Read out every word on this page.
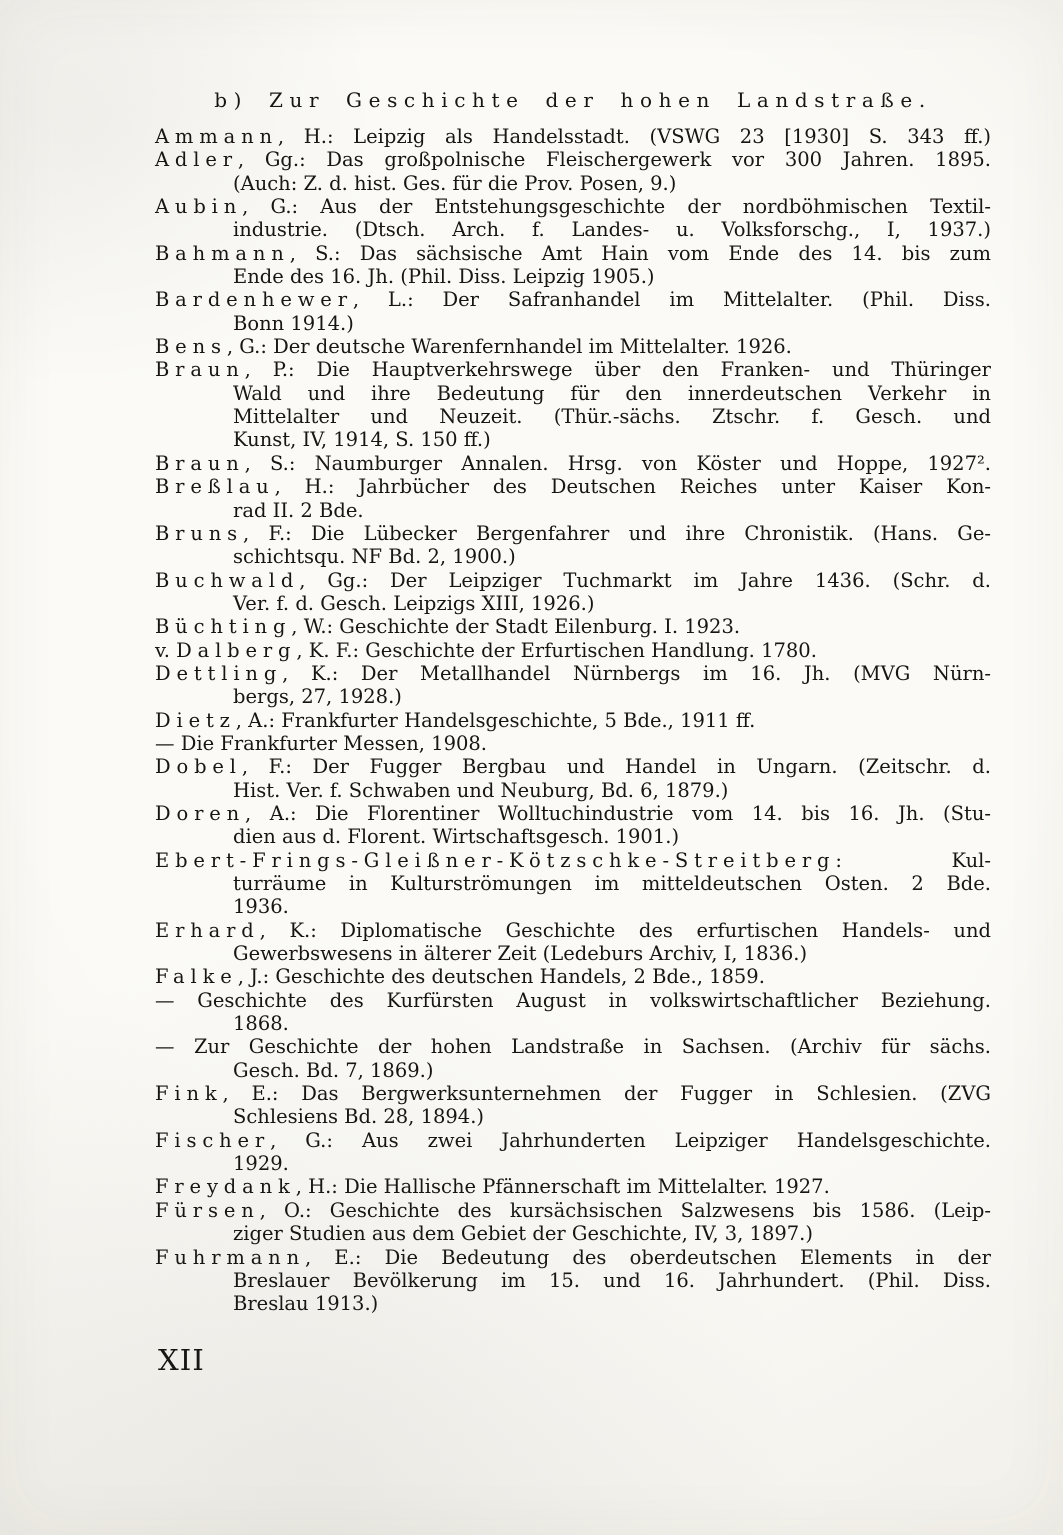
b) Zur Geschichte der hohen Landstraße.
Ammann, H.: Leipzig als Handelsstadt. (VSWG 23 [1930] S. 343 ff.)
Adler, Gg.: Das großpolnische Fleischergewerk vor 300 Jahren. 1895.
(Auch: Z. d. hist. Ges. für die Prov. Posen, 9.)
Aubin, G.: Aus der Entstehungsgeschichte der nordböhmischen Textil-
industrie. (Dtsch. Arch. f. Landes- u. Volksforschg., I, 1937.)
Bahmann, S.: Das sächsische Amt Hain vom Ende des 14. bis zum
Ende des 16. Jh. (Phil. Diss. Leipzig 1905.)
Bardenhewer, L.: Der Safranhandel im Mittelalter. (Phil. Diss.
Bonn 1914.)
Bens, G.: Der deutsche Warenfernhandel im Mittelalter. 1926.
Braun, P.: Die Hauptverkehrswege über den Franken- und Thüringer
Wald und ihre Bedeutung für den innerdeutschen Verkehr in
Mittelalter und Neuzeit. (Thür.-sächs. Ztschr. f. Gesch. und
Kunst, IV, 1914, S. 150 ff.)
Braun, S.: Naumburger Annalen. Hrsg. von Köster und Hoppe, 1927².
Breßlau, H.: Jahrbücher des Deutschen Reiches unter Kaiser Kon-
rad II. 2 Bde.
Bruns, F.: Die Lübecker Bergenfahrer und ihre Chronistik. (Hans. Ge-
schichtsqu. NF Bd. 2, 1900.)
Buchwald, Gg.: Der Leipziger Tuchmarkt im Jahre 1436. (Schr. d.
Ver. f. d. Gesch. Leipzigs XIII, 1926.)
Büchting, W.: Geschichte der Stadt Eilenburg. I. 1923.
v. Dalberg, K. F.: Geschichte der Erfurtischen Handlung. 1780.
Dettling, K.: Der Metallhandel Nürnbergs im 16. Jh. (MVG Nürn-
bergs, 27, 1928.)
Dietz, A.: Frankfurter Handelsgeschichte, 5 Bde., 1911 ff.
— Die Frankfurter Messen, 1908.
Dobel, F.: Der Fugger Bergbau und Handel in Ungarn. (Zeitschr. d.
Hist. Ver. f. Schwaben und Neuburg, Bd. 6, 1879.)
Doren, A.: Die Florentiner Wolltuchindustrie vom 14. bis 16. Jh. (Stu-
dien aus d. Florent. Wirtschaftsgesch. 1901.)
Ebert-Frings-Gleißner-Kötzschke-Streitberg: Kul-
turräume in Kulturströmungen im mitteldeutschen Osten. 2 Bde.
1936.
Erhard, K.: Diplomatische Geschichte des erfurtischen Handels- und
Gewerbswesens in älterer Zeit (Ledeburs Archiv, I, 1836.)
Falke, J.: Geschichte des deutschen Handels, 2 Bde., 1859.
— Geschichte des Kurfürsten August in volkswirtschaftlicher Beziehung.
1868.
— Zur Geschichte der hohen Landstraße in Sachsen. (Archiv für sächs.
Gesch. Bd. 7, 1869.)
Fink, E.: Das Bergwerksunternehmen der Fugger in Schlesien. (ZVG
Schlesiens Bd. 28, 1894.)
Fischer, G.: Aus zwei Jahrhunderten Leipziger Handelsgeschichte.
1929.
Freydank, H.: Die Hallische Pfännerschaft im Mittelalter. 1927.
Fürsen, O.: Geschichte des kursächsischen Salzwesens bis 1586. (Leip-
ziger Studien aus dem Gebiet der Geschichte, IV, 3, 1897.)
Fuhrmann, E.: Die Bedeutung des oberdeutschen Elements in der
Breslauer Bevölkerung im 15. und 16. Jahrhundert. (Phil. Diss.
Breslau 1913.)
XII
